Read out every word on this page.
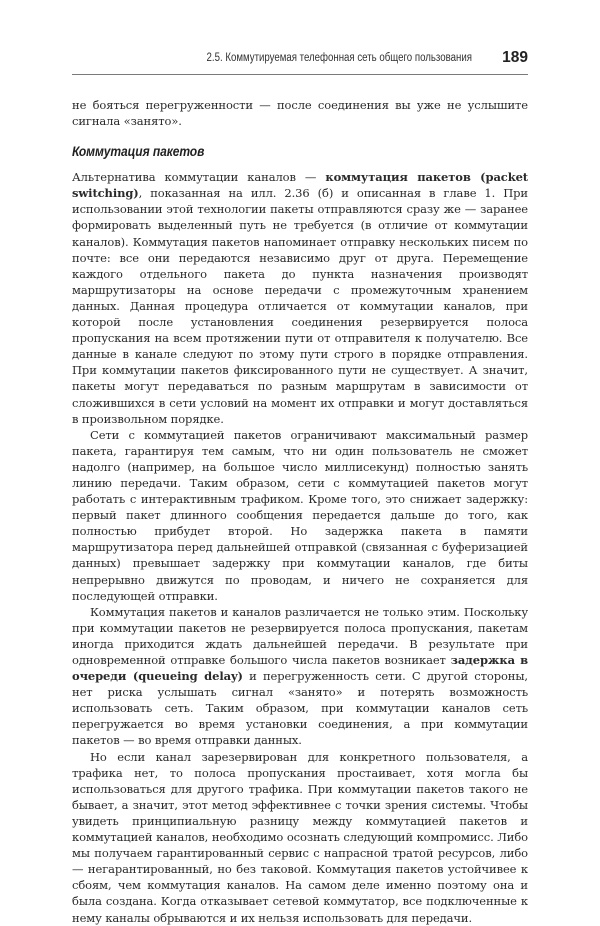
2.5. Коммутируемая телефонная сеть общего пользования 189

не бояться перегруженности — после соединения вы уже не услышите сигнала «занято».

Коммутация пакетов

Альтернатива коммутации каналов — коммутация пакетов (packet switching), показанная на илл. 2.36 (б) и описанная в главе 1. При использовании этой технологии пакеты отправляются сразу же — заранее формировать выделенный путь не требуется (в отличие от коммутации каналов). Коммутация пакетов напоминает отправку нескольких писем по почте: все они передаются независимо друг от друга. Перемещение каждого отдельного пакета до пункта назначения производят маршрутизаторы на основе передачи с промежуточным хранением данных. Данная процедура отличается от коммутации каналов, при которой после установления соединения резервируется полоса пропускания на всем протяжении пути от отправителя к получателю. Все данные в канале следуют по этому пути строго в порядке отправления. При коммутации пакетов фиксированного пути не существует. А значит, пакеты могут передаваться по разным маршрутам в зависимости от сложившихся в сети условий на момент их отправки и могут доставляться в произвольном порядке.

Сети с коммутацией пакетов ограничивают максимальный размер пакета, гарантируя тем самым, что ни один пользователь не сможет надолго (например, на большое число миллисекунд) полностью занять линию передачи. Таким образом, сети с коммутацией пакетов могут работать с интерактивным трафиком. Кроме того, это снижает задержку: первый пакет длинного сообщения передается дальше до того, как полностью прибудет второй. Но задержка пакета в памяти маршрутизатора перед дальнейшей отправкой (связанная с буферизацией данных) превышает задержку при коммутации каналов, где биты непрерывно движутся по проводам, и ничего не сохраняется для последующей отправки.

Коммутация пакетов и каналов различается не только этим. Поскольку при коммутации пакетов не резервируется полоса пропускания, пакетам иногда приходится ждать дальнейшей передачи. В результате при одновременной отправке большого числа пакетов возникает задержка в очереди (queueing delay) и перегруженность сети. С другой стороны, нет риска услышать сигнал «занято» и потерять возможность использовать сеть. Таким образом, при коммутации каналов сеть перегружается во время установки соединения, а при коммутации пакетов — во время отправки данных.

Но если канал зарезервирован для конкретного пользователя, а трафика нет, то полоса пропускания простаивает, хотя могла бы использоваться для другого трафика. При коммутации пакетов такого не бывает, а значит, этот метод эффективнее с точки зрения системы. Чтобы увидеть принципиальную разницу между коммутацией пакетов и коммутацией каналов, необходимо осознать следующий компромисс. Либо мы получаем гарантированный сервис с напрасной тратой ресурсов, либо — негарантированный, но без таковой. Коммутация пакетов устойчивее к сбоям, чем коммутация каналов. На самом деле именно поэтому она и была создана. Когда отказывает сетевой коммутатор, все подключенные к нему каналы обрываются и их нельзя использовать для передачи.
